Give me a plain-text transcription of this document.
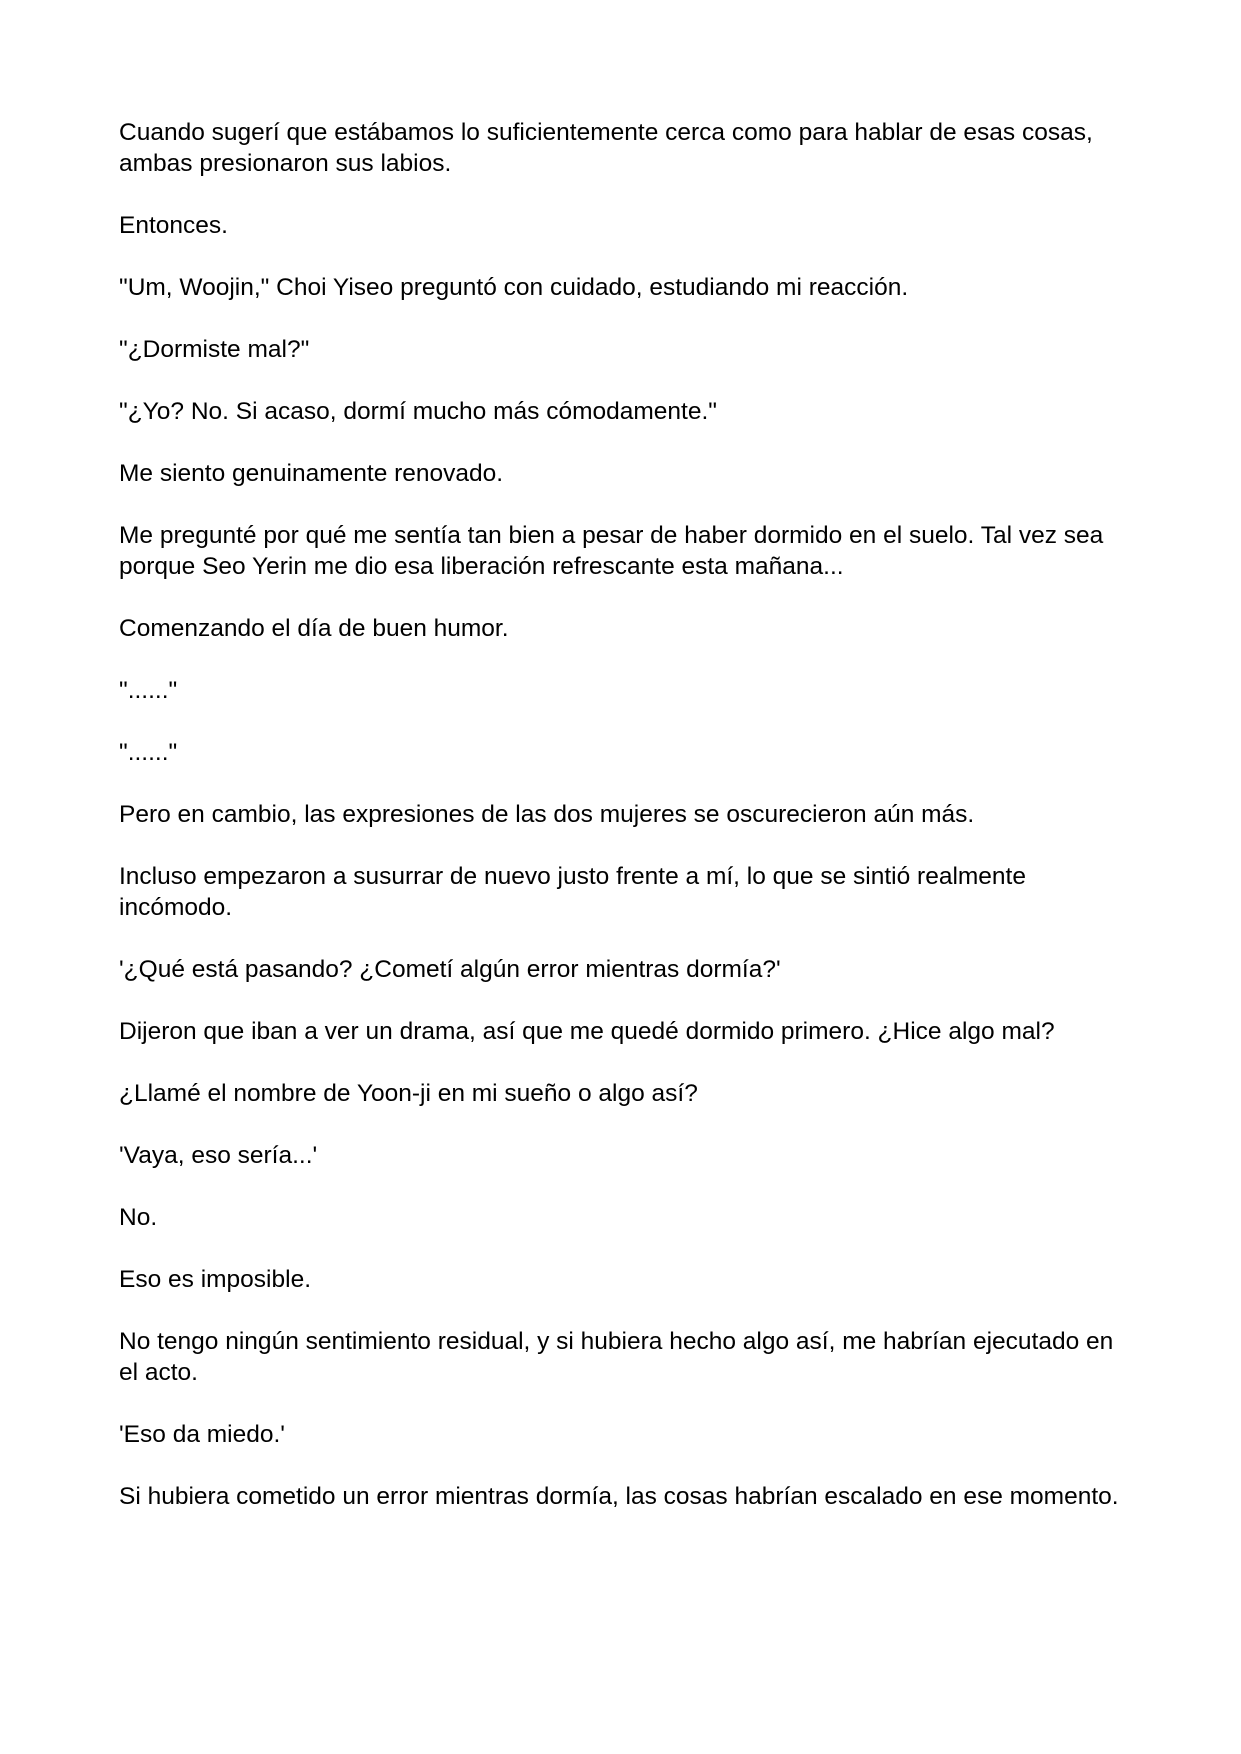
Cuando sugerí que estábamos lo suficientemente cerca como para hablar de esas cosas, ambas presionaron sus labios.

Entonces.

"Um, Woojin," Choi Yiseo preguntó con cuidado, estudiando mi reacción.

"¿Dormiste mal?"

"¿Yo? No. Si acaso, dormí mucho más cómodamente."

Me siento genuinamente renovado.

Me pregunté por qué me sentía tan bien a pesar de haber dormido en el suelo. Tal vez sea porque Seo Yerin me dio esa liberación refrescante esta mañana...

Comenzando el día de buen humor.

"......"

"......"

Pero en cambio, las expresiones de las dos mujeres se oscurecieron aún más.

Incluso empezaron a susurrar de nuevo justo frente a mí, lo que se sintió realmente incómodo.

'¿Qué está pasando? ¿Cometí algún error mientras dormía?'

Dijeron que iban a ver un drama, así que me quedé dormido primero. ¿Hice algo mal?

¿Llamé el nombre de Yoon-ji en mi sueño o algo así?

'Vaya, eso sería...'

No.

Eso es imposible.

No tengo ningún sentimiento residual, y si hubiera hecho algo así, me habrían ejecutado en el acto.

'Eso da miedo.'

Si hubiera cometido un error mientras dormía, las cosas habrían escalado en ese momento.
